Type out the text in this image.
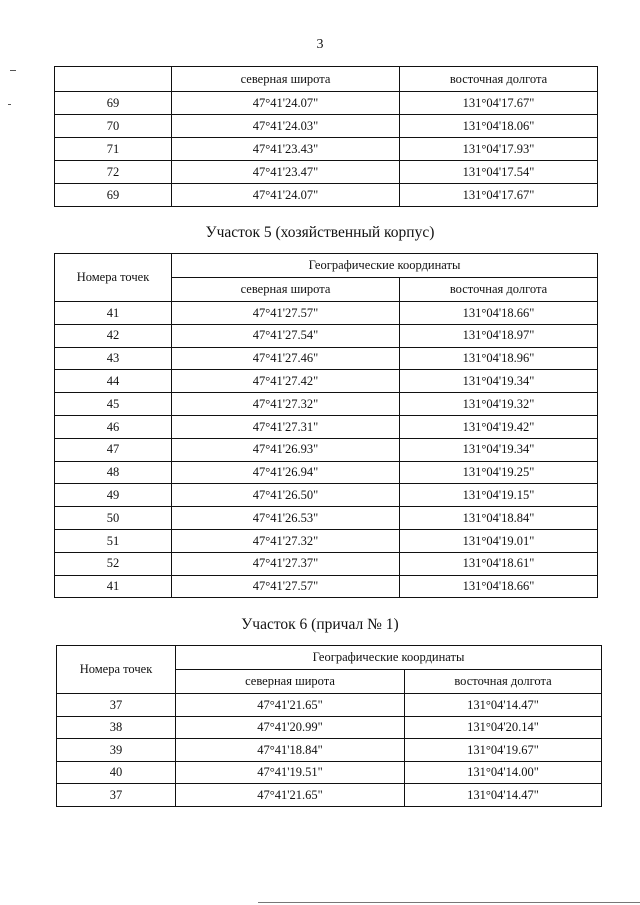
3
	северная широта	восточная долгота
69	47°41'24.07"	131°04'17.67"
70	47°41'24.03"	131°04'18.06"
71	47°41'23.43"	131°04'17.93"
72	47°41'23.47"	131°04'17.54"
69	47°41'24.07"	131°04'17.67"
Участок 5 (хозяйственный корпус)
Номера точек	Географические координаты	
	северная широта	восточная долгота
41	47°41'27.57"	131°04'18.66"
42	47°41'27.54"	131°04'18.97"
43	47°41'27.46"	131°04'18.96"
44	47°41'27.42"	131°04'19.34"
45	47°41'27.32"	131°04'19.32"
46	47°41'27.31"	131°04'19.42"
47	47°41'26.93"	131°04'19.34"
48	47°41'26.94"	131°04'19.25"
49	47°41'26.50"	131°04'19.15"
50	47°41'26.53"	131°04'18.84"
51	47°41'27.32"	131°04'19.01"
52	47°41'27.37"	131°04'18.61"
41	47°41'27.57"	131°04'18.66"
Участок 6 (причал № 1)
Номера точек	Географические координаты	
	северная широта	восточная долгота
37	47°41'21.65"	131°04'14.47"
38	47°41'20.99"	131°04'20.14"
39	47°41'18.84"	131°04'19.67"
40	47°41'19.51"	131°04'14.00"
37	47°41'21.65"	131°04'14.47"
